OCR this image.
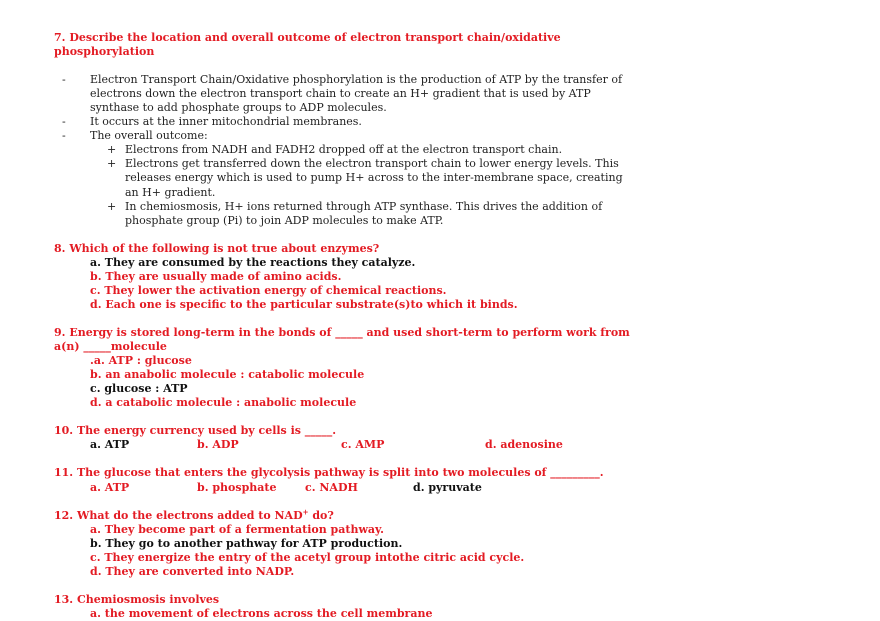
7. Describe the location and overall outcome of electron transport chain/oxidative
phosphorylation
- Electron Transport Chain/Oxidative phosphorylation is the production of ATP by the transfer of
electrons down the electron transport chain to create an H+ gradient that is used by ATP
synthase to add phosphate groups to ADP molecules.
- It occurs at the inner mitochondrial membranes.
- The overall outcome:
+ Electrons from NADH and FADH2 dropped off at the electron transport chain.
+ Electrons get transferred down the electron transport chain to lower energy levels. This
releases energy which is used to pump H+ across to the inter-membrane space, creating
an H+ gradient.
+ In chemiosmosis, H+ ions returned through ATP synthase. This drives the addition of
phosphate group (Pi) to join ADP molecules to make ATP.
8. Which of the following is not true about enzymes?
a. They are consumed by the reactions they catalyze.
b. They are usually made of amino acids.
c. They lower the activation energy of chemical reactions.
d. Each one is specific to the particular substrate(s)to which it binds.
9. Energy is stored long-term in the bonds of _____ and used short-term to perform work from
a(n) _____molecule
.a. ATP : glucose
b. an anabolic molecule : catabolic molecule
c. glucose : ATP
d. a catabolic molecule : anabolic molecule
10. The energy currency used by cells is _____.
a. ATP	b. ADP	c. AMP	d. adenosine
11. The glucose that enters the glycolysis pathway is split into two molecules of _________.
a. ATP	b. phosphate	c. NADH	d. pyruvate
12. What do the electrons added to NAD+ do?
a. They become part of a fermentation pathway.
b. They go to another pathway for ATP production.
c. They energize the entry of the acetyl group intothe citric acid cycle.
d. They are converted into NADP.
13. Chemiosmosis involves
a. the movement of electrons across the cell membrane
